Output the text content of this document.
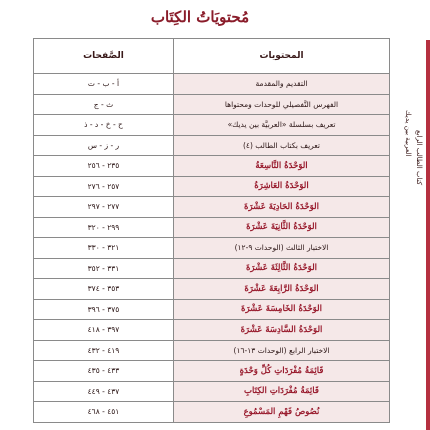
مُحتويَاتُ الكِتَاب
العربية بين يديك كتاب الطالب الرابع
المحتويات	الصَّفحات
التقديم والمقدمة	أ - ب - ت
الفهرس التَّفصيلي للوحدات ومحتواها	ث - ج
تعريف بسلسلة «العربيَّة بين يديك»	ح - خ - د - ذ
تعريف بكتاب الطالب (٤)	ر - ز - س
الوَحْدَةُ التَّاسِعَةُ	٢٣٥ - ٢٥٦
الوَحْدَةُ العَاشِرَةُ	٢٥٧ - ٢٧٦
الوَحْدَةُ الحَادِيَةَ عَشْرَةَ	٢٧٧ - ٢٩٧
الوَحْدَةُ الثَّانِيَةَ عَشْرَةَ	٢٩٩ - ٣٢٠
الاختبار الثالث (الوحدات ٩-١٢)	٣٢١ - ٣٣٠
الوَحْدَةُ الثَّالِثَةَ عَشْرَةَ	٣٣١ - ٣٥٢
الوَحْدَةُ الرَّابِعَةَ عَشْرَةَ	٣٥٣ - ٣٧٤
الوَحْدَةُ الخَامِسَةَ عَشْرَةَ	٣٧٥ - ٣٩٦
الوَحْدَةُ السَّادِسَةَ عَشْرَةَ	٣٩٧ - ٤١٨
الاختبار الرابع (الوحدات ١٣-١٦)	٤١٩ - ٤٣٢
قَائِمَةُ مُفْرَدَاتِ كُلِّ وَحْدَةٍ	٤٣٣ - ٤٣٥
قَائِمَةُ مُفْرَدَاتِ الكِتَابِ	٤٣٧ - ٤٤٩
نُصُوصُ فَهْمِ المَسْمُوعِ	٤٥١ - ٤٦٨
